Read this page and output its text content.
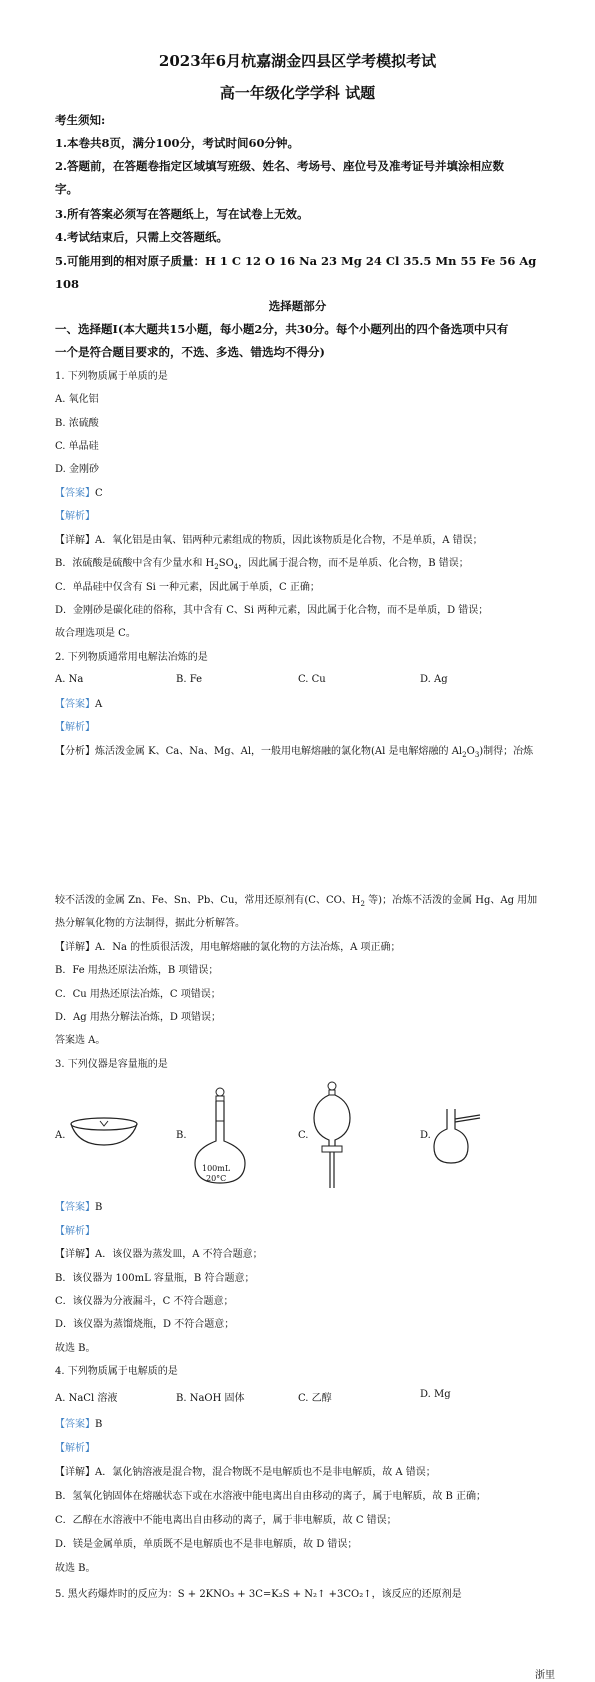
2023年6月杭嘉湖金四县区学考模拟考试
高一年级化学学科 试题
考生须知:
1.本卷共8页，满分100分，考试时间60分钟。
2.答题前，在答题卷指定区域填写班级、姓名、考场号、座位号及准考证号并填涂相应数
字。
3.所有答案必须写在答题纸上，写在试卷上无效。
4.考试结束后，只需上交答题纸。
5.可能用到的相对原子质量：H 1 C 12 O 16 Na 23 Mg 24 Cl 35.5 Mn 55 Fe 56 Ag
108
选择题部分
一、选择题Ⅰ(本大题共15小题，每小题2分，共30分。每个小题列出的四个备选项中只有
一个是符合题目要求的，不选、多选、错选均不得分)
1. 下列物质属于单质的是
A. 氧化铝
B. 浓硫酸
C. 单晶硅
D. 金刚砂
【答案】C
【解析】
【详解】A．氧化铝是由氧、铝两种元素组成的物质，因此该物质是化合物，不是单质，A 错误；
B．浓硫酸是硫酸中含有少量水和 $H_2SO_4$，因此属于混合物，而不是单质、化合物，B 错误；
C．单晶硅中仅含有 Si 一种元素，因此属于单质，C 正确；
D．金刚砂是碳化硅的俗称，其中含有 C、Si 两种元素，因此属于化合物，而不是单质，D 错误；
故合理选项是 C。
2. 下列物质通常用电解法冶炼的是
A. Na	B. Fe	C. Cu	D. Ag
【答案】A
【解析】
【分析】炼活泼金属 K、Ca、Na、Mg、Al，一般用电解熔融的氯化物(Al 是电解熔融的 $Al_2O_3$)制得；冶炼
较不活泼的金属 Zn、Fe、Sn、Pb、Cu，常用还原剂有(C、CO、$H_2$ 等)；冶炼不活泼的金属 Hg、Ag 用加
热分解氧化物的方法制得，据此分析解答。
【详解】A．Na 的性质很活泼，用电解熔融的氯化物的方法冶炼，A 项正确；
B．Fe 用热还原法冶炼，B 项错误；
C．Cu 用热还原法冶炼，C 项错误；
D．Ag 用热分解法冶炼，D 项错误；
答案选 A。
3. 下列仪器是容量瓶的是
A.	B.
100mL
20°C
C.	D.
【答案】B
【解析】
【详解】A．该仪器为蒸发皿，A 不符合题意；
B．该仪器为 100mL 容量瓶，B 符合题意；
C．该仪器为分液漏斗，C 不符合题意；
D．该仪器为蒸馏烧瓶，D 不符合题意；
故选 B。
4. 下列物质属于电解质的是
A. NaCl 溶液	B. NaOH 固体	C. 乙醇	D. Mg
【答案】B
【解析】
【详解】A．氯化钠溶液是混合物，混合物既不是电解质也不是非电解质，故 A 错误；
B．氢氧化钠固体在熔融状态下或在水溶液中能电离出自由移动的离子，属于电解质，故 B 正确；
C．乙醇在水溶液中不能电离出自由移动的离子，属于非电解质，故 C 错误；
D．镁是金属单质，单质既不是电解质也不是非电解质，故 D 错误；
故选 B。
5. 黑火药爆炸时的反应为：S + 2KNO₃ + 3C=K₂S + N₂↑ +3CO₂↑，该反应的还原剂是
浙里
